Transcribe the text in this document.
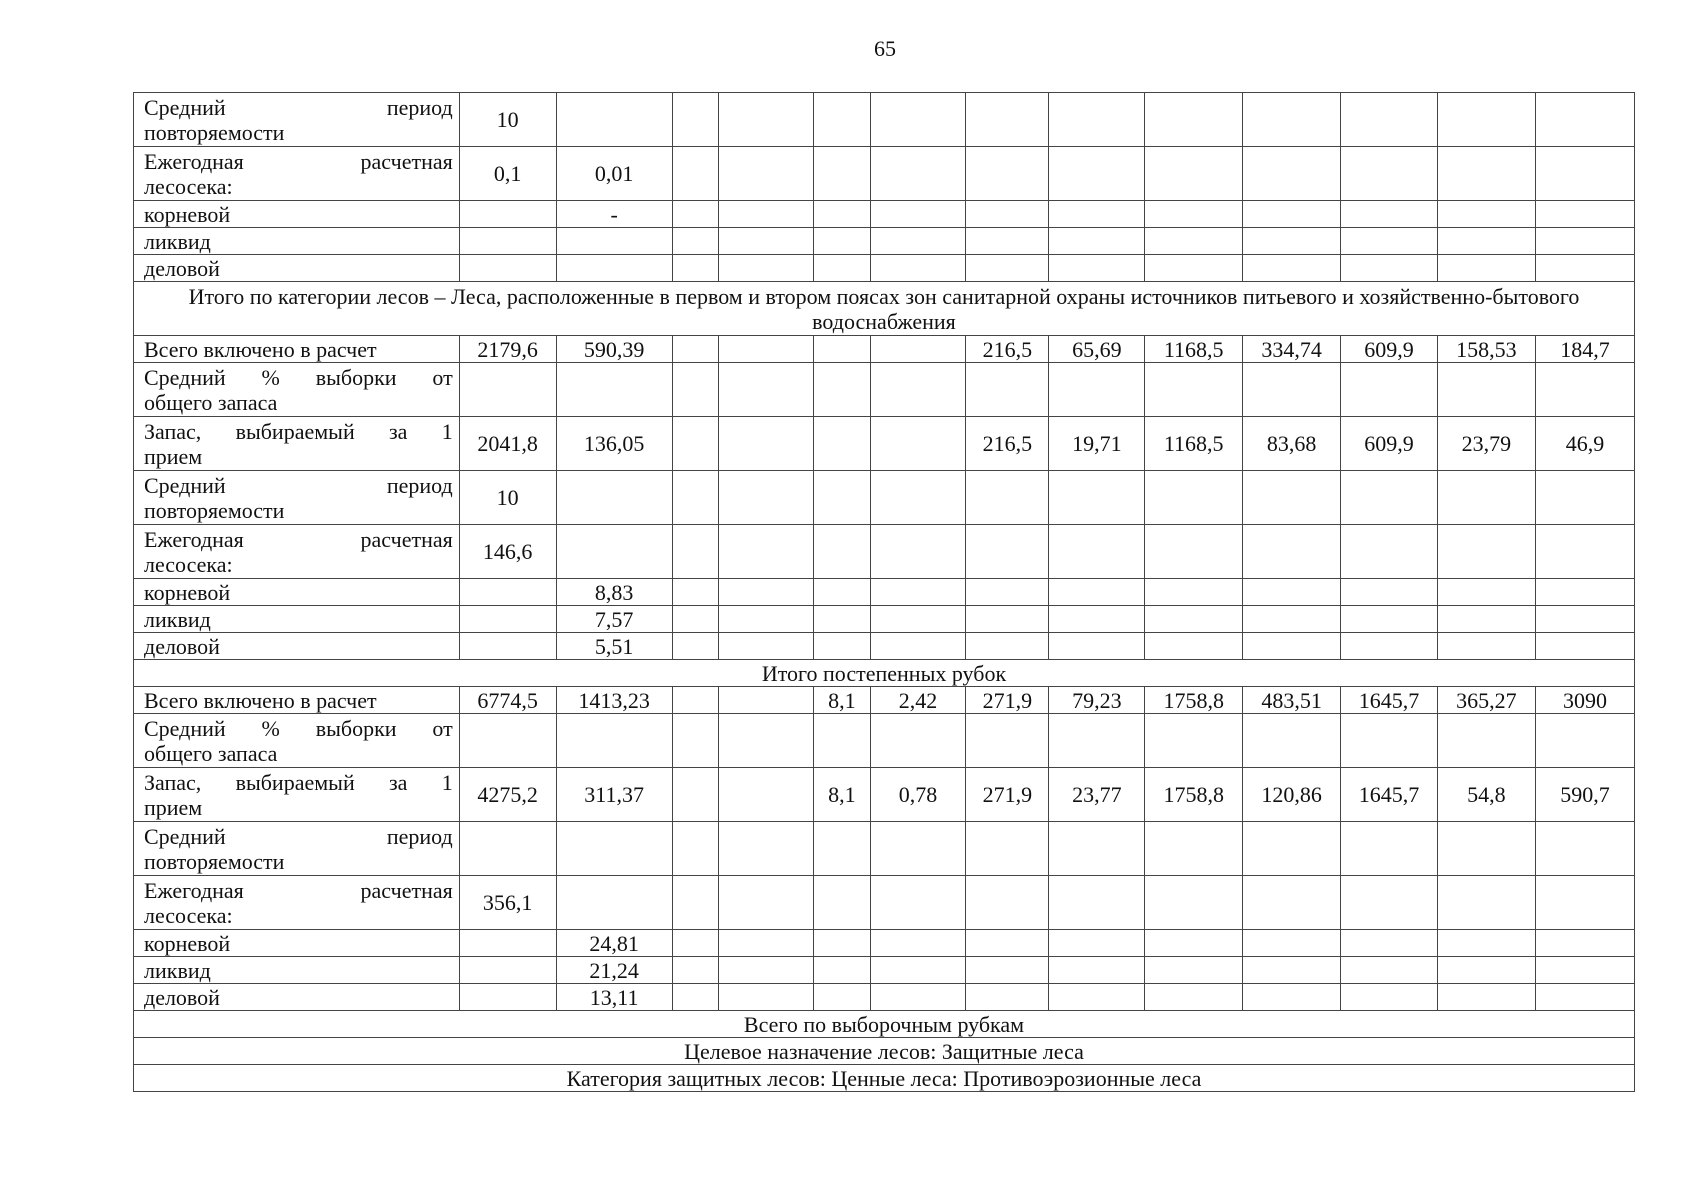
65
Средний период
повторяемости	10												

Ежегодная расчетная
лесосека:	0,1	0,01											
корневой		-											
ликвид													
деловой													
Итого по категории лесов – Леса, расположенные в первом и втором поясах зон санитарной охраны источников питьевого и хозяйственно-бытового водоснабжения													
Всего включено в расчет	2179,6	590,39					216,5	65,69	1168,5	334,74	609,9	158,53	184,7

Средний % выборки от
общего запаса													

Запас, выбираемый за 1
прием	2041,8	136,05					216,5	19,71	1168,5	83,68	609,9	23,79	46,9

Средний период
повторяемости	10												

Ежегодная расчетная
лесосека:	146,6												
корневой		8,83											
ликвид		7,57											
деловой		5,51											
Итого постепенных рубок													
Всего включено в расчет	6774,5	1413,23			8,1	2,42	271,9	79,23	1758,8	483,51	1645,7	365,27	3090

Средний % выборки от
общего запаса													

Запас, выбираемый за 1
прием	4275,2	311,37			8,1	0,78	271,9	23,77	1758,8	120,86	1645,7	54,8	590,7

Средний период
повторяемости													

Ежегодная расчетная
лесосека:	356,1												
корневой		24,81											
ликвид		21,24											
деловой		13,11											
Всего по выборочным рубкам													
Целевое назначение лесов: Защитные леса													
Категория защитных лесов: Ценные леса: Противоэрозионные леса													
